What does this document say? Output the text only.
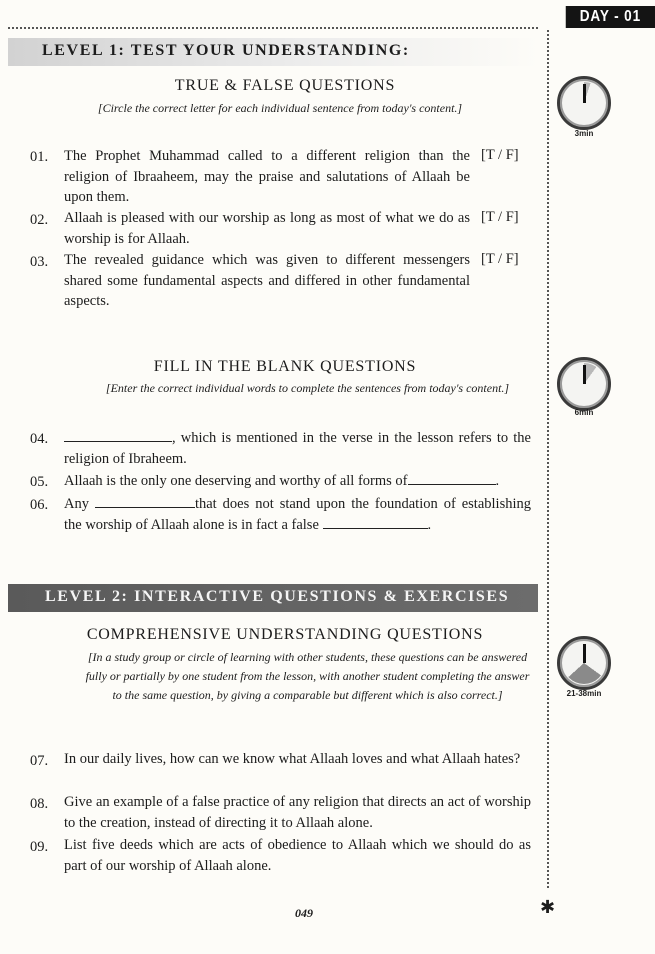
DAY - 01
✱
LEVEL 1: TEST YOUR UNDERSTANDING:
TRUE & FALSE QUESTIONS
[Circle the correct letter for each individual sentence from today's content.]
3min
01. The Prophet Muhammad called to a different religion than the religion of Ibraaheem, may the praise and salutations of Allaah be upon them.
[T / F]
02. Allaah is pleased with our worship as long as most of what we do as worship is for Allaah.
[T / F]
03. The revealed guidance which was given to different messengers shared some fundamental aspects and differed in other fundamental aspects.
[T / F]
FILL IN THE BLANK QUESTIONS
[Enter the correct individual words to complete the sentences from today's content.]
6min
04.	, which is mentioned in the verse in the lesson refers to the religion of Ibraheem.
05. Allaah is the only one deserving and worthy of all forms of	.
06. Any	that does not stand upon the foundation of establishing the worship of Allaah alone is in fact a false	.
LEVEL 2: INTERACTIVE QUESTIONS & EXERCISES
COMPREHENSIVE UNDERSTANDING QUESTIONS
[In a study group or circle of learning with other students, these questions can be answered fully or partially by one student from the lesson, with another student completing the answer to the same question, by giving a comparable but different which is also correct.]	21-38min
07. In our daily lives, how can we know what Allaah loves and what Allaah hates?
08. Give an example of a false practice of any religion that directs an act of worship to the creation, instead of directing it to Allaah alone.
09. List five deeds which are acts of obedience to Allaah which we should do as part of our worship of Allaah alone.
049
